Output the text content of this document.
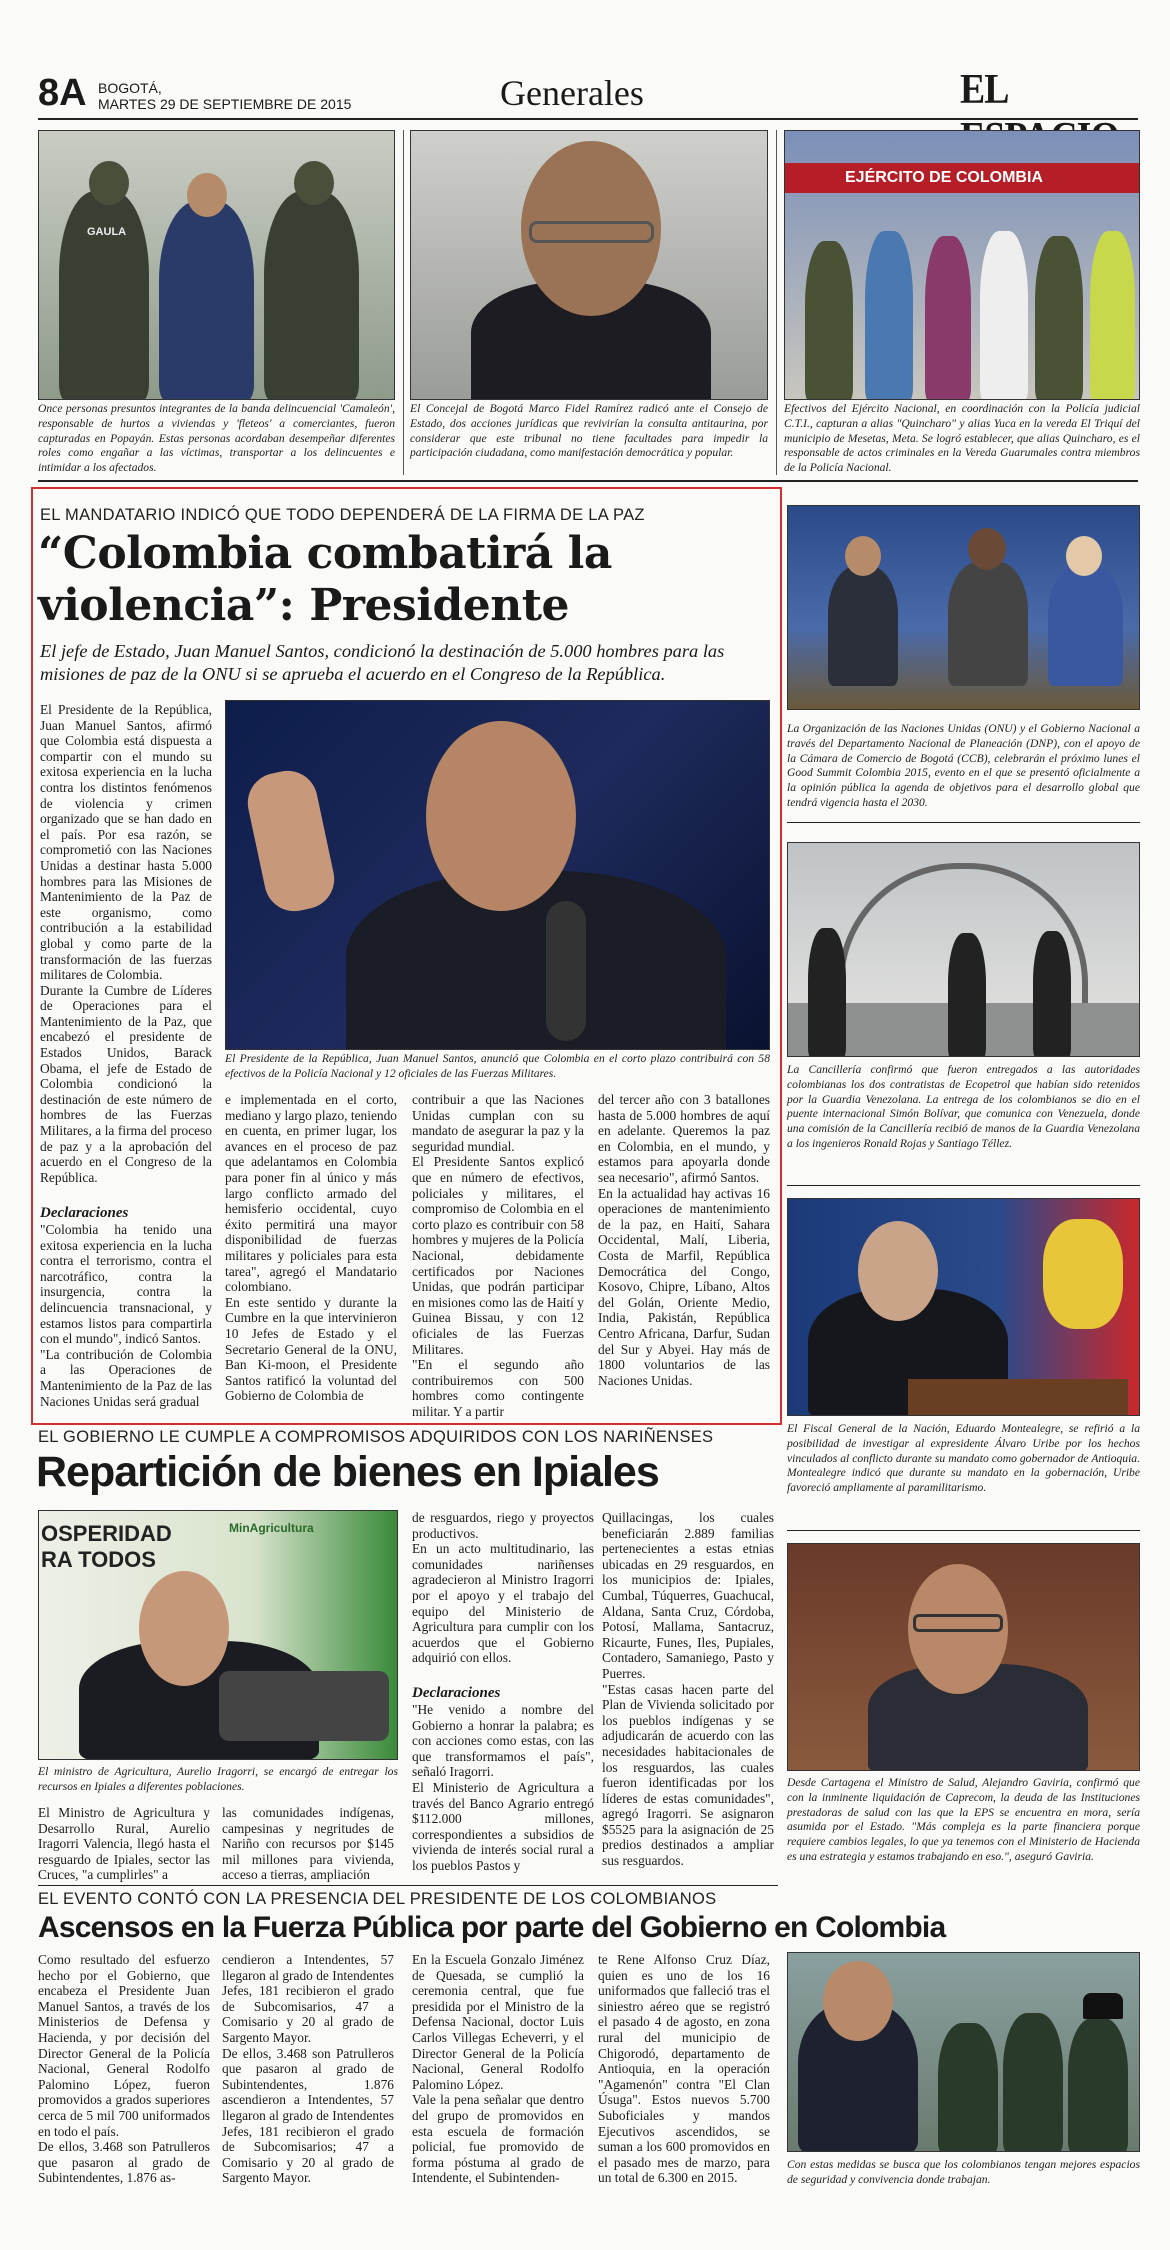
8A BOGOTÁ,
MARTES 29 DE SEPTIEMBRE DE 2015	Generales	EL
GAULA
Once personas presuntos integrantes de la banda delincuencial 'Camaleón', responsable de hurtos a viviendas y 'fleteos' a comerciantes, fueron capturadas en Popayán. Estas personas acordaban desempeñar diferentes roles como engañar a las víctimas, transportar a los delincuentes e intimidar a los afectados.
El Concejal de Bogotá Marco Fidel Ramírez radicó ante el Consejo de Estado, dos acciones jurídicas que revivirían la consulta antitaurina, por considerar que este tribunal no tiene facultades para impedir la participación ciudadana, como manifestación democrática y popular.
EJÉRCITO DE COLOMBIA
Efectivos del Ejército Nacional, en coordinación con la Policía judicial C.T.I., capturan a alias "Quincharo" y alias Yuca en la vereda El Triquí del municipio de Mesetas, Meta. Se logró establecer, que alias Quincharo, es el responsable de actos criminales en la Vereda Guarumales contra miembros de la Policía Nacional.
EL MANDATARIO INDICÓ QUE TODO DEPENDERÁ DE LA FIRMA DE LA PAZ
“Colombia combatirá la violencia”: Presidente
El jefe de Estado, Juan Manuel Santos, condicionó la destinación de 5.000 hombres para las misiones de paz de la ONU si se aprueba el acuerdo en el Congreso de la República.
El Presidente de la República, Juan Manuel Santos, afirmó que Colombia está dispuesta a compartir con el mundo su exitosa experiencia en la lucha contra los distintos fenómenos de violencia y crimen organizado que se han dado en el país. Por esa razón, se comprometió con las Naciones Unidas a destinar hasta 5.000 hombres para las Misiones de Mantenimiento de la Paz de este organismo, como contribución a la estabilidad global y como parte de la transformación de las fuerzas militares de Colombia.
Durante la Cumbre de Líderes de Operaciones para el Mantenimiento de la Paz, que encabezó el presidente de Estados Unidos, Barack Obama, el jefe de Estado de Colombia condicionó la destinación de este número de hombres de las Fuerzas Militares, a la firma del proceso de paz y a la aprobación del acuerdo en el Congreso de la República.
El Presidente de la República, Juan Manuel Santos, anunció que Colombia en el corto plazo contribuirá con 58 efectivos de la Policía Nacional y 12 oficiales de las Fuerzas Militares.
Declaraciones
"Colombia ha tenido una exitosa experiencia en la lucha contra el terrorismo, contra el narcotráfico, contra la insurgencia, contra la delincuencia transnacional, y estamos listos para compartirla con el mundo", indicó Santos.
"La contribución de Colombia a las Operaciones de Mantenimiento de la Paz de las Naciones Unidas será gradual
e implementada en el corto, mediano y largo plazo, teniendo en cuenta, en primer lugar, los avances en el proceso de paz que adelantamos en Colombia para poner fin al único y más largo conflicto armado del hemisferio occidental, cuyo éxito permitirá una mayor disponibilidad de fuerzas militares y policiales para esta tarea", agregó el Mandatario colombiano.
En este sentido y durante la Cumbre en la que intervinieron 10 Jefes de Estado y el Secretario General de la ONU, Ban Ki-moon, el Presidente Santos ratificó la voluntad del Gobierno de Colombia de
contribuir a que las Naciones Unidas cumplan con su mandato de asegurar la paz y la seguridad mundial.
El Presidente Santos explicó que en número de efectivos, policiales y militares, el compromiso de Colombia en el corto plazo es contribuir con 58 hombres y mujeres de la Policía Nacional, debidamente certificados por Naciones Unidas, que podrán participar en misiones como las de Haití y Guinea Bissau, y con 12 oficiales de las Fuerzas Militares.
"En el segundo año contribuiremos con 500 hombres como contingente militar. Y a partir
del tercer año con 3 batallones hasta de 5.000 hombres de aquí en adelante. Queremos la paz en Colombia, en el mundo, y estamos para apoyarla donde sea necesario", afirmó Santos.
En la actualidad hay activas 16 operaciones de mantenimiento de la paz, en Haití, Sahara Occidental, Malí, Liberia, Costa de Marfil, República Democrática del Congo, Kosovo, Chipre, Líbano, Altos del Golán, Oriente Medio, India, Pakistán, República Centro Africana, Darfur, Sudan del Sur y Abyei. Hay más de 1800 voluntarios de las Naciones Unidas.
La Organización de las Naciones Unidas (ONU) y el Gobierno Nacional a través del Departamento Nacional de Planeación (DNP), con el apoyo de la Cámara de Comercio de Bogotá (CCB), celebrarán el próximo lunes el Good Summit Colombia 2015, evento en el que se presentó oficialmente a la opinión pública la agenda de objetivos para el desarrollo global que tendrá vigencia hasta el 2030.
La Cancillería confirmó que fueron entregados a las autoridades colombianas los dos contratistas de Ecopetrol que habían sido retenidos por la Guardia Venezolana. La entrega de los colombianos se dio en el puente internacional Simón Bolívar, que comunica con Venezuela, donde una comisión de la Cancillería recibió de manos de la Guardia Venezolana a los ingenieros Ronald Rojas y Santiago Téllez.
El Fiscal General de la Nación, Eduardo Montealegre, se refirió a la posibilidad de investigar al expresidente Álvaro Uribe por los hechos vinculados al conflicto durante su mandato como gobernador de Antioquia. Montealegre indicó que durante su mandato en la gobernación, Uribe favoreció ampliamente al paramilitarismo.
Desde Cartagena el Ministro de Salud, Alejandro Gaviria, confirmó que con la inminente liquidación de Caprecom, la deuda de las Instituciones prestadoras de salud con las que la EPS se encuentra en mora, sería asumida por el Estado. "Más compleja es la parte financiera porque requiere cambios legales, lo que ya tenemos con el Ministerio de Hacienda es una estrategia y estamos trabajando en eso.", aseguró Gaviria.
EL GOBIERNO LE CUMPLE A COMPROMISOS ADQUIRIDOS CON LOS NARIÑENSES
Repartición de bienes en Ipiales
OSPERIDAD
RA TODOS
MinAgricultura
El ministro de Agricultura, Aurelio Iragorri, se encargó de entregar los recursos en Ipiales a diferentes poblaciones.
El Ministro de Agricultura y Desarrollo Rural, Aurelio Iragorri Valencia, llegó hasta el resguardo de Ipiales, sector las Cruces, "a cumplirles" a
las comunidades indígenas, campesinas y negritudes de Nariño con recursos por $145 mil millones para vivienda, acceso a tierras, ampliación
de resguardos, riego y proyectos productivos.
En un acto multitudinario, las comunidades nariñenses agradecieron al Ministro Iragorri por el apoyo y el trabajo del equipo del Ministerio de Agricultura para cumplir con los acuerdos que el Gobierno adquirió con ellos.
Declaraciones
"He venido a nombre del Gobierno a honrar la palabra; es con acciones como estas, con las que transformamos el país", señaló Iragorri.
El Ministerio de Agricultura a través del Banco Agrario entregó $112.000 millones, correspondientes a subsidios de vivienda de interés social rural a los pueblos Pastos y
Quillacingas, los cuales beneficiarán 2.889 familias pertenecientes a estas etnias ubicadas en 29 resguardos, en los municipios de: Ipiales, Cumbal, Túquerres, Guachucal, Aldana, Santa Cruz, Córdoba, Potosí, Mallama, Santacruz, Ricaurte, Funes, Iles, Pupiales, Contadero, Samaniego, Pasto y Puerres.
"Estas casas hacen parte del Plan de Vivienda solicitado por los pueblos indígenas y se adjudicarán de acuerdo con las necesidades habitacionales de los resguardos, las cuales fueron identificadas por los líderes de estas comunidades", agregó Iragorri. Se asignaron $5525 para la asignación de 25 predios destinados a ampliar sus resguardos.
EL EVENTO CONTÓ CON LA PRESENCIA DEL PRESIDENTE DE LOS COLOMBIANOS
Ascensos en la Fuerza Pública por parte del Gobierno en Colombia
Como resultado del esfuerzo hecho por el Gobierno, que encabeza el Presidente Juan Manuel Santos, a través de los Ministerios de Defensa y Hacienda, y por decisión del Director General de la Policía Nacional, General Rodolfo Palomino López, fueron promovidos a grados superiores cerca de 5 mil 700 uniformados en todo el país.
De ellos, 3.468 son Patrulleros que pasaron al grado de Subintendentes, 1.876 as-
cendieron a Intendentes, 57 llegaron al grado de Intendentes Jefes, 181 recibieron el grado de Subcomisarios, 47 a Comisario y 20 al grado de Sargento Mayor.
De ellos, 3.468 son Patrulleros que pasaron al grado de Subintendentes, 1.876 ascendieron a Intendentes, 57 llegaron al grado de Intendentes Jefes, 181 recibieron el grado de Subcomisarios; 47 a Comisario y 20 al grado de Sargento Mayor.
En la Escuela Gonzalo Jiménez de Quesada, se cumplió la ceremonia central, que fue presidida por el Ministro de la Defensa Nacional, doctor Luis Carlos Villegas Echeverri, y el Director General de la Policía Nacional, General Rodolfo Palomino López.
Vale la pena señalar que dentro del grupo de promovidos en esta escuela de formación policial, fue promovido de forma póstuma al grado de Intendente, el Subintenden-
te Rene Alfonso Cruz Díaz, quien es uno de los 16 uniformados que falleció tras el siniestro aéreo que se registró el pasado 4 de agosto, en zona rural del municipio de Chigorodó, departamento de Antioquia, en la operación "Agamenón" contra "El Clan Úsuga". Estos nuevos 5.700 Suboficiales y mandos Ejecutivos ascendidos, se suman a los 600 promovidos en el pasado mes de marzo, para un total de 6.300 en 2015.
Con estas medidas se busca que los colombianos tengan mejores espacios de seguridad y convivencia donde trabajan.
